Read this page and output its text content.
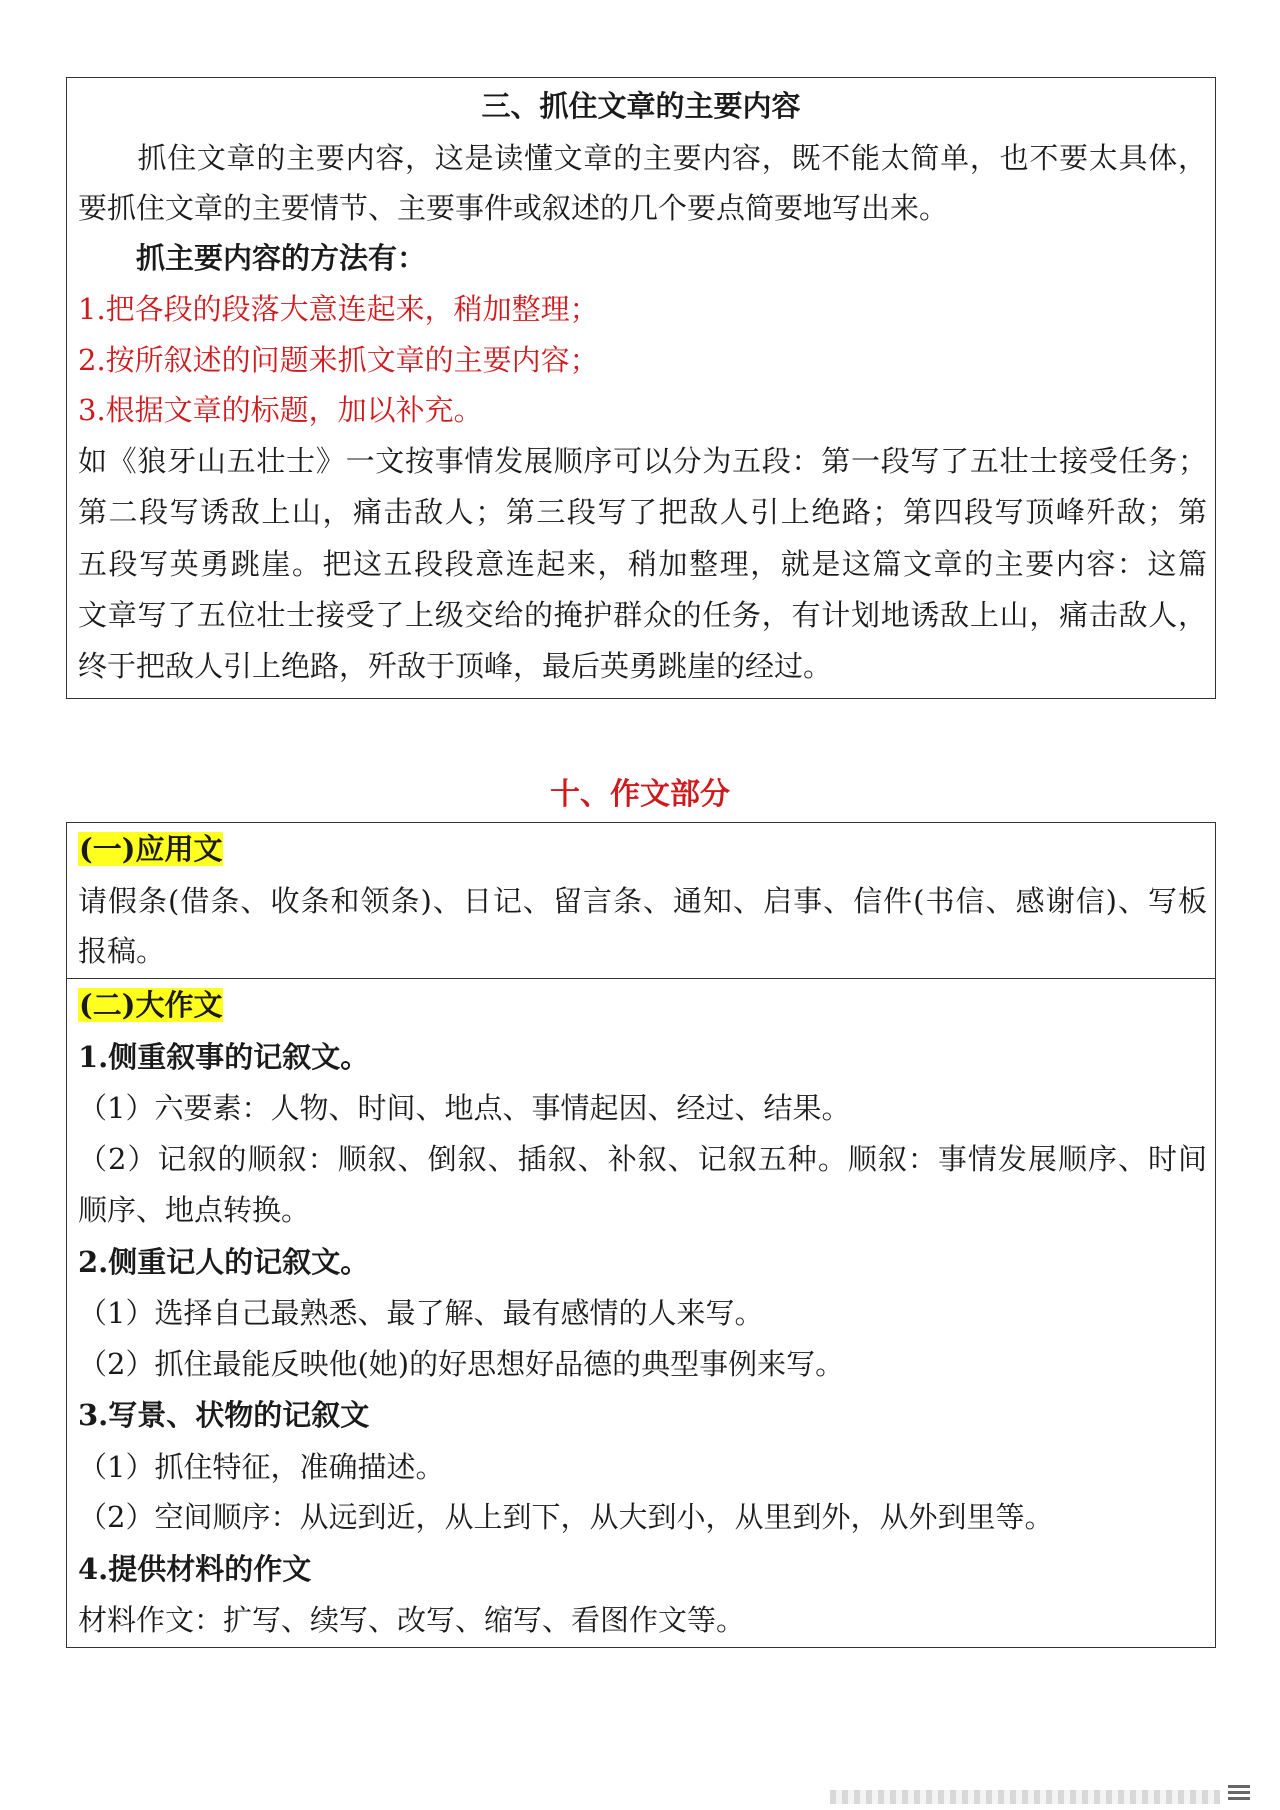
三、抓住文章的主要内容
　　抓住文章的主要内容，这是读懂文章的主要内容，既不能太简单，也不要太具体，
要抓住文章的主要情节、主要事件或叙述的几个要点简要地写出来。
　　抓主要内容的方法有：
1.把各段的段落大意连起来，稍加整理；
2.按所叙述的问题来抓文章的主要内容；
3.根据文章的标题，加以补充。
如《狼牙山五壮士》一文按事情发展顺序可以分为五段：第一段写了五壮士接受任务；
第二段写诱敌上山，痛击敌人；第三段写了把敌人引上绝路；第四段写顶峰歼敌；第
五段写英勇跳崖。把这五段段意连起来，稍加整理，就是这篇文章的主要内容：这篇
文章写了五位壮士接受了上级交给的掩护群众的任务，有计划地诱敌上山，痛击敌人，
终于把敌人引上绝路，歼敌于顶峰，最后英勇跳崖的经过。
十、作文部分
(一)应用文
请假条(借条、收条和领条)、日记、留言条、通知、启事、信件(书信、感谢信)、写板
报稿。
(二)大作文
1.侧重叙事的记叙文。
（1）六要素：人物、时间、地点、事情起因、经过、结果。
（2）记叙的顺叙：顺叙、倒叙、插叙、补叙、记叙五种。顺叙：事情发展顺序、时间
顺序、地点转换。
2.侧重记人的记叙文。
（1）选择自己最熟悉、最了解、最有感情的人来写。
（2）抓住最能反映他(她)的好思想好品德的典型事例来写。
3.写景、状物的记叙文
（1）抓住特征，准确描述。
（2）空间顺序：从远到近，从上到下，从大到小，从里到外，从外到里等。
4.提供材料的作文
材料作文：扩写、续写、改写、缩写、看图作文等。
